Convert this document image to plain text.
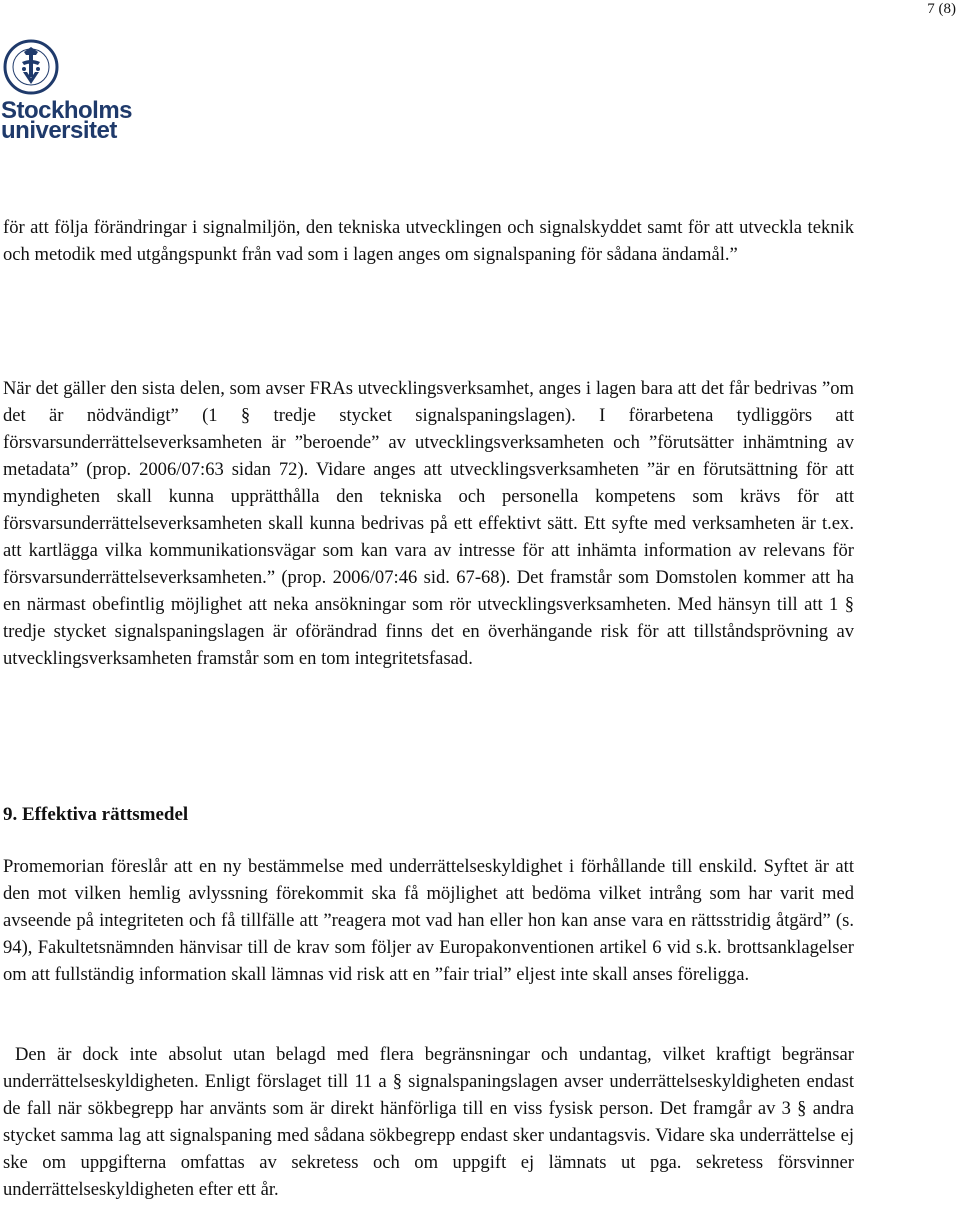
7 (8)
Stockholms
universitet

för att följa förändringar i signalmiljön, den tekniska utvecklingen och signalskyddet samt för att utveckla teknik och metodik med utgångspunkt från vad som i lagen anges om signalspaning för sådana ändamål.”

När det gäller den sista delen, som avser FRAs utvecklingsverksamhet, anges i lagen bara att det får bedrivas ”om det är nödvändigt” (1 § tredje stycket signalspaningslagen). I förarbetena tydliggörs att försvarsunderrättelseverksamheten är ”beroende” av utvecklingsverksamheten och ”förutsätter inhämtning av metadata” (prop. 2006/07:63 sidan 72). Vidare anges att utvecklingsverksamheten ”är en förutsättning för att myndigheten skall kunna upprätthålla den tekniska och personella kompetens som krävs för att försvarsunderrättelseverksamheten skall kunna bedrivas på ett effektivt sätt. Ett syfte med verksamheten är t.ex. att kartlägga vilka kommunikationsvägar som kan vara av intresse för att inhämta information av relevans för försvarsunderrättelseverksamheten.” (prop. 2006/07:46 sid. 67-68). Det framstår som Domstolen kommer att ha en närmast obefintlig möjlighet att neka ansökningar som rör utvecklingsverksamheten. Med hänsyn till att 1 § tredje stycket signalspaningslagen är oförändrad finns det en överhängande risk för att tillståndsprövning av utvecklingsverksamheten framstår som en tom integritetsfasad.

9. Effektiva rättsmedel

Promemorian föreslår att en ny bestämmelse med underrättelseskyldighet i förhållande till enskild. Syftet är att den mot vilken hemlig avlyssning förekommit ska få möjlighet att bedöma vilket intrång som har varit med avseende på integriteten och få tillfälle att ”reagera mot vad han eller hon kan anse vara en rättsstridig åtgärd” (s. 94), Fakultetsnämnden hänvisar till de krav som följer av Europakonventionen artikel 6 vid s.k. brottsanklagelser om att fullständig information skall lämnas vid risk att en ”fair trial” eljest inte skall anses föreligga.

Den är dock inte absolut utan belagd med flera begränsningar och undantag, vilket kraftigt begränsar underrättelseskyldigheten. Enligt förslaget till 11 a § signalspaningslagen avser underrättelseskyldigheten endast de fall när sökbegrepp har använts som är direkt hänförliga till en viss fysisk person. Det framgår av 3 § andra stycket samma lag att signalspaning med sådana sökbegrepp endast sker undantagsvis. Vidare ska underrättelse ej ske om uppgifterna omfattas av sekretess och om uppgift ej lämnats ut pga. sekretess försvinner underrättelseskyldigheten efter ett år.
